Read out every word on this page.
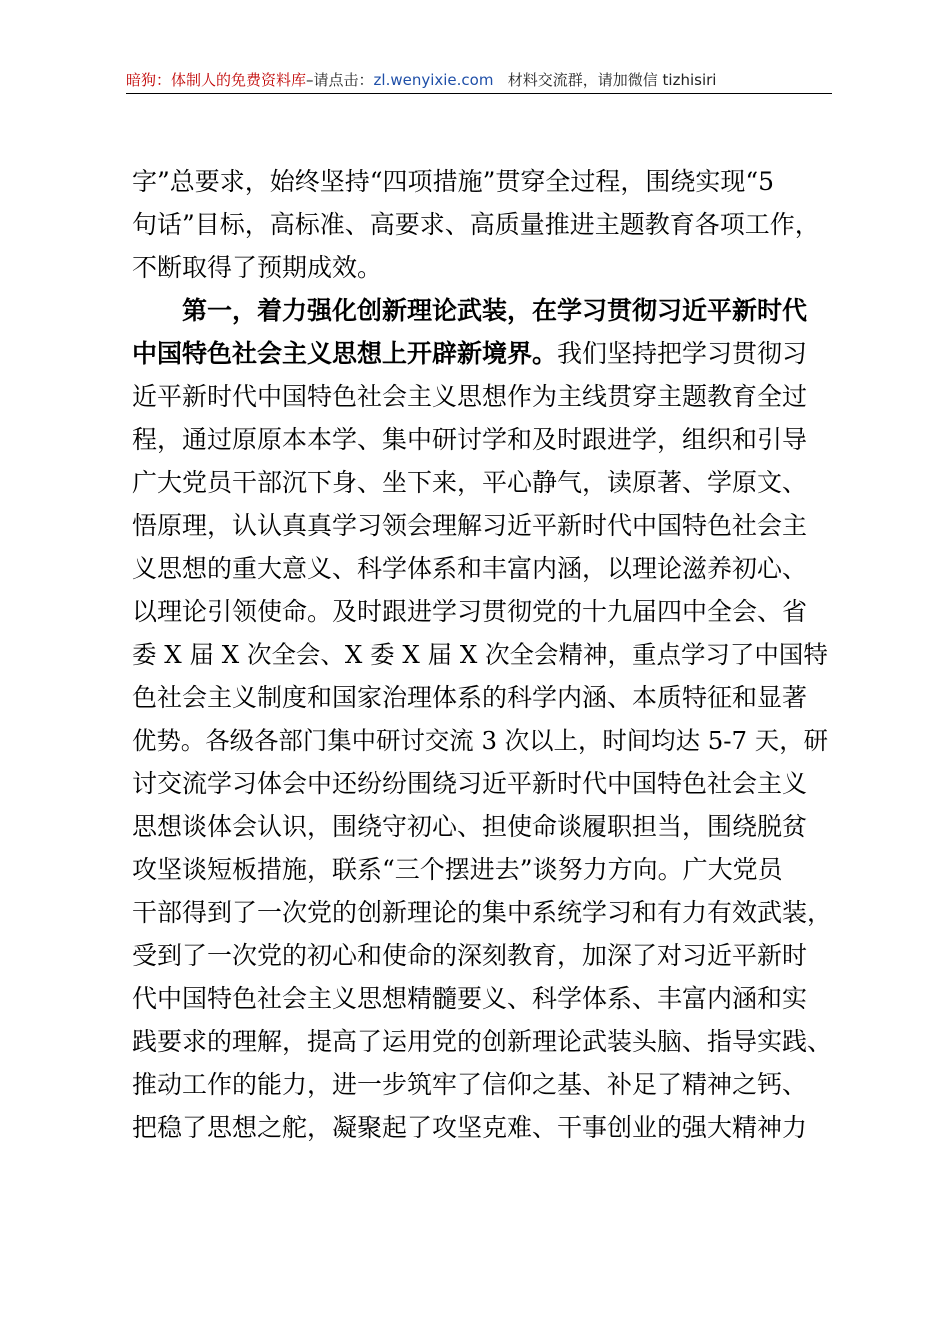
暗狗：体制人的免费资料库–请点击：zl.wenyixie.com 材料交流群，请加微信 tizhisiri
字”总要求，始终坚持“四项措施”贯穿全过程，围绕实现“5
句话”目标，高标准、高要求、高质量推进主题教育各项工作，
不断取得了预期成效。
　　第一，着力强化创新理论武装，在学习贯彻习近平新时代
中国特色社会主义思想上开辟新境界。 我们坚持把学习贯彻习
近平新时代中国特色社会主义思想作为主线贯穿主题教育全过
程，通过原原本本学、集中研讨学和及时跟进学，组织和引导
广大党员干部沉下身、坐下来，平心静气，读原著、学原文、
悟原理，认认真真学习领会理解习近平新时代中国特色社会主
义思想的重大意义、科学体系和丰富内涵，以理论滋养初心、
以理论引领使命。及时跟进学习贯彻党的十九届四中全会、省
委 X 届 X 次全会、X 委 X 届 X 次全会精神，重点学习了中国特
色社会主义制度和国家治理体系的科学内涵、本质特征和显著
优势。各级各部门集中研讨交流 3 次以上，时间均达 5-7 天，研
讨交流学习体会中还纷纷围绕习近平新时代中国特色社会主义
思想谈体会认识，围绕守初心、担使命谈履职担当，围绕脱贫
攻坚谈短板措施，联系“三个摆进去”谈努力方向。广大党员
干部得到了一次党的创新理论的集中系统学习和有力有效武装，
受到了一次党的初心和使命的深刻教育，加深了对习近平新时
代中国特色社会主义思想精髓要义、科学体系、丰富内涵和实
践要求的理解，提高了运用党的创新理论武装头脑、指导实践、
推动工作的能力，进一步筑牢了信仰之基、补足了精神之钙、
把稳了思想之舵，凝聚起了攻坚克难、干事创业的强大精神力
